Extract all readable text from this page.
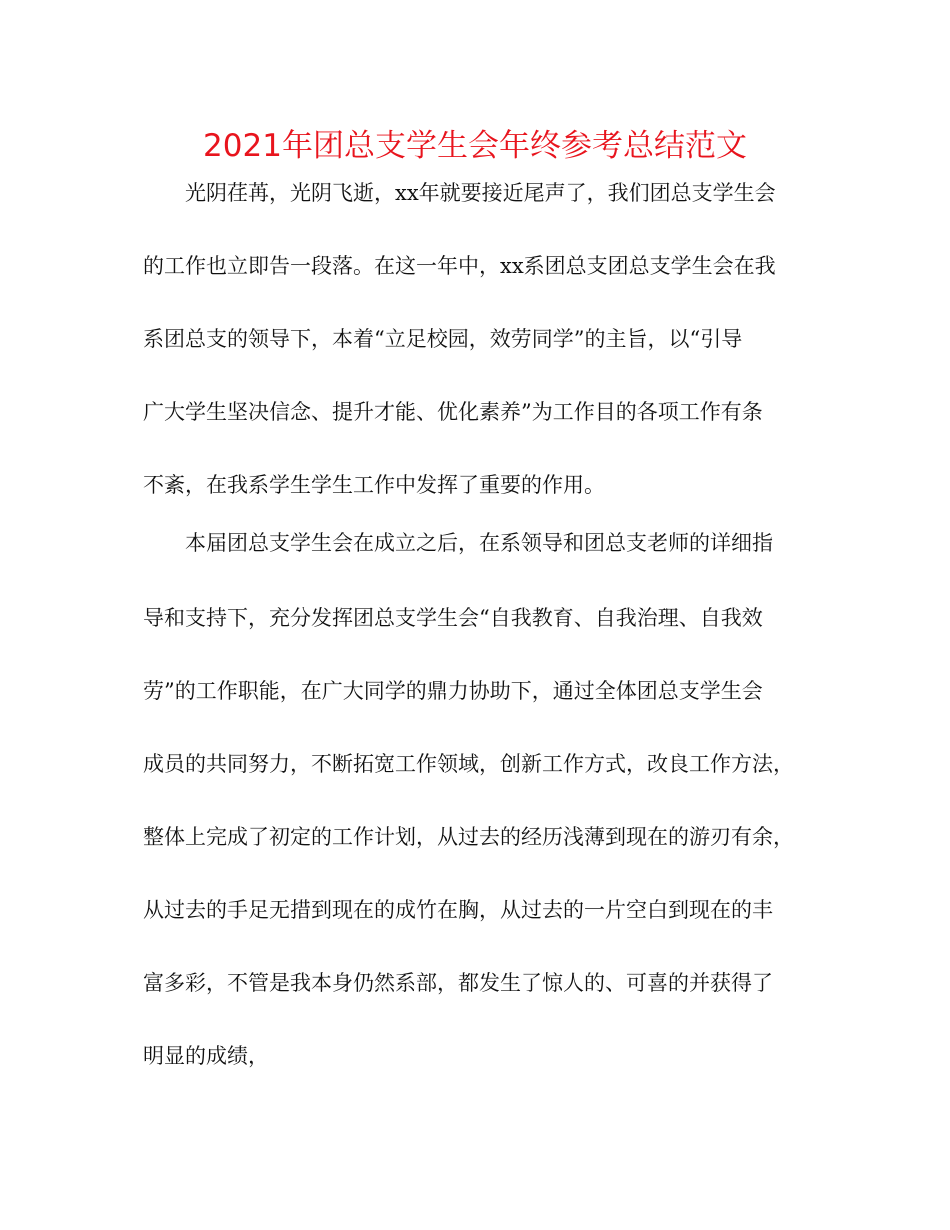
2021年团总支学生会年终参考总结范文
光阴荏苒，光阴飞逝，xx年就要接近尾声了，我们团总支学生会
的工作也立即告一段落。在这一年中，xx系团总支团总支学生会在我
系团总支的领导下，本着“立足校园，效劳同学”的主旨，以“引导
广大学生坚决信念、提升才能、优化素养”为工作目的各项工作有条
不紊，在我系学生学生工作中发挥了重要的作用。
本届团总支学生会在成立之后，在系领导和团总支老师的详细指
导和支持下，充分发挥团总支学生会“自我教育、自我治理、自我效
劳”的工作职能，在广大同学的鼎力协助下，通过全体团总支学生会
成员的共同努力，不断拓宽工作领域，创新工作方式，改良工作方法，
整体上完成了初定的工作计划，从过去的经历浅薄到现在的游刃有余，
从过去的手足无措到现在的成竹在胸，从过去的一片空白到现在的丰
富多彩，不管是我本身仍然系部，都发生了惊人的、可喜的并获得了
明显的成绩，
